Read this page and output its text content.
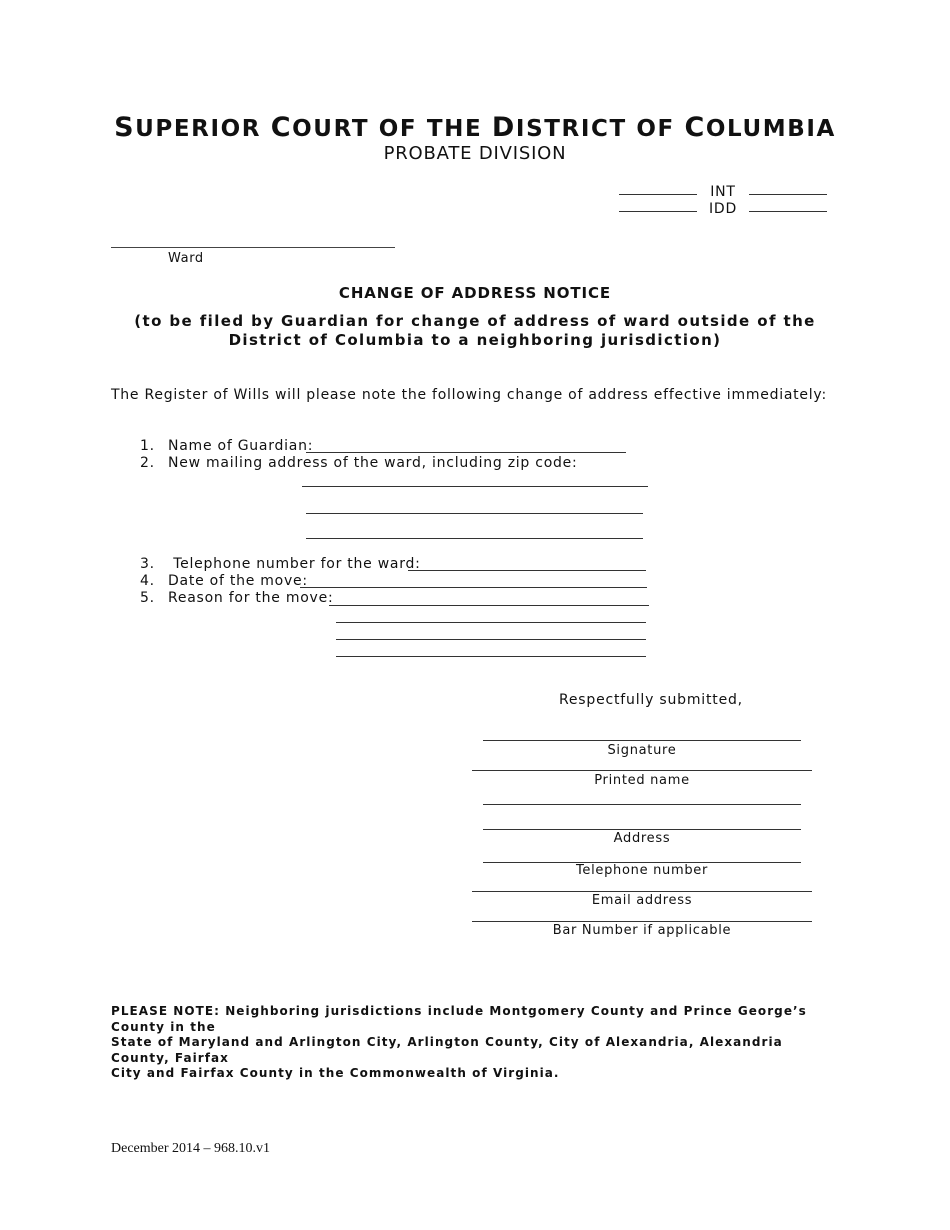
SUPERIOR COURT OF THE DISTRICT OF COLUMBIA
PROBATE DIVISION
INT
IDD
Ward
CHANGE OF ADDRESS NOTICE
(to be filed by Guardian for change of address of ward outside of the District of Columbia to a neighboring jurisdiction)
The Register of Wills will please note the following change of address effective immediately:
1. Name of Guardian:
2. New mailing address of the ward, including zip code:
3. Telephone number for the ward:
4. Date of the move:
5. Reason for the move:
Respectfully submitted,
Signature
Printed name
Address
Telephone number
Email address
Bar Number if applicable
PLEASE NOTE: Neighboring jurisdictions include Montgomery County and Prince George’s County in the
State of Maryland and Arlington City, Arlington County, City of Alexandria, Alexandria County, Fairfax
City and Fairfax County in the Commonwealth of Virginia.
December 2014 – 968.10.v1
